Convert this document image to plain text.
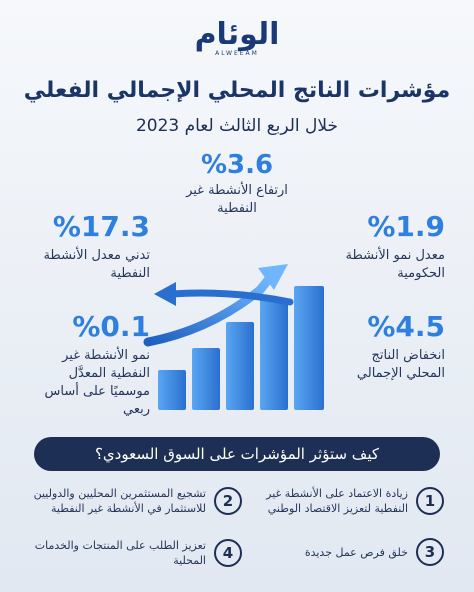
الوئام
ALWEEAM
مؤشرات الناتج المحلي الإجمالي الفعلي
خلال الربع الثالث لعام 2023
%3.6
ارتفاع الأنشطة غير النفطية
%17.3
تدني معدل الأنشطة النفطية
%1.9
معدل نمو الأنشطة الحكومية
%0.1
نمو الأنشطة غير النفطية المعدَّل موسميًا على أساس ربعي
%4.5
انخفاض الناتج المحلي الإجمالي
كيف ستؤثر المؤشرات على السوق السعودي؟
1
زيادة الاعتماد على الأنشطة غير النفطية لتعزيز الاقتصاد الوطني
2
تشجيع المستثمرين المحليين والدوليين للاستثمار في الأنشطة غير النفطية
3
خلق فرص عمل جديدة
4
تعزيز الطلب على المنتجات والخدمات المحلية
